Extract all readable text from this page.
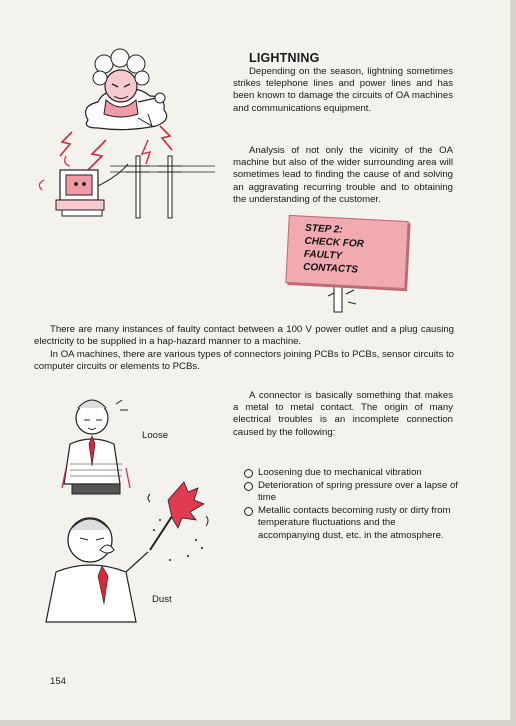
LIGHTNING
Depending on the season, lightning sometimes strikes telephone lines and power lines and has been known to damage the circuits of OA machines and communications equipment.
Analysis of not only the vicinity of the OA machine but also of the wider surrounding area will sometimes lead to finding the cause of and solving an aggravating recurring trouble and to obtaining the understanding of the customer.
STEP 2:
CHECK FOR
FAULTY
CONTACTS
There are many instances of faulty contact between a 100 V power outlet and a plug causing electricity to be supplied in a hap-hazard manner to a machine.
In OA machines, there are various types of connectors joining PCBs to PCBs, sensor circuits to computer circuits or elements to PCBs.
A connector is basically something that makes a metal to metal contact. The origin of many electrical troubles is an incomplete connection caused by the following:
Loosening due to mechanical vibration
Deterioration of spring pressure over a lapse of time
Metallic contacts becoming rusty or dirty from temperature fluctuations and the accompanying dust, etc. in the atmosphere.
Loose
Dust
154
